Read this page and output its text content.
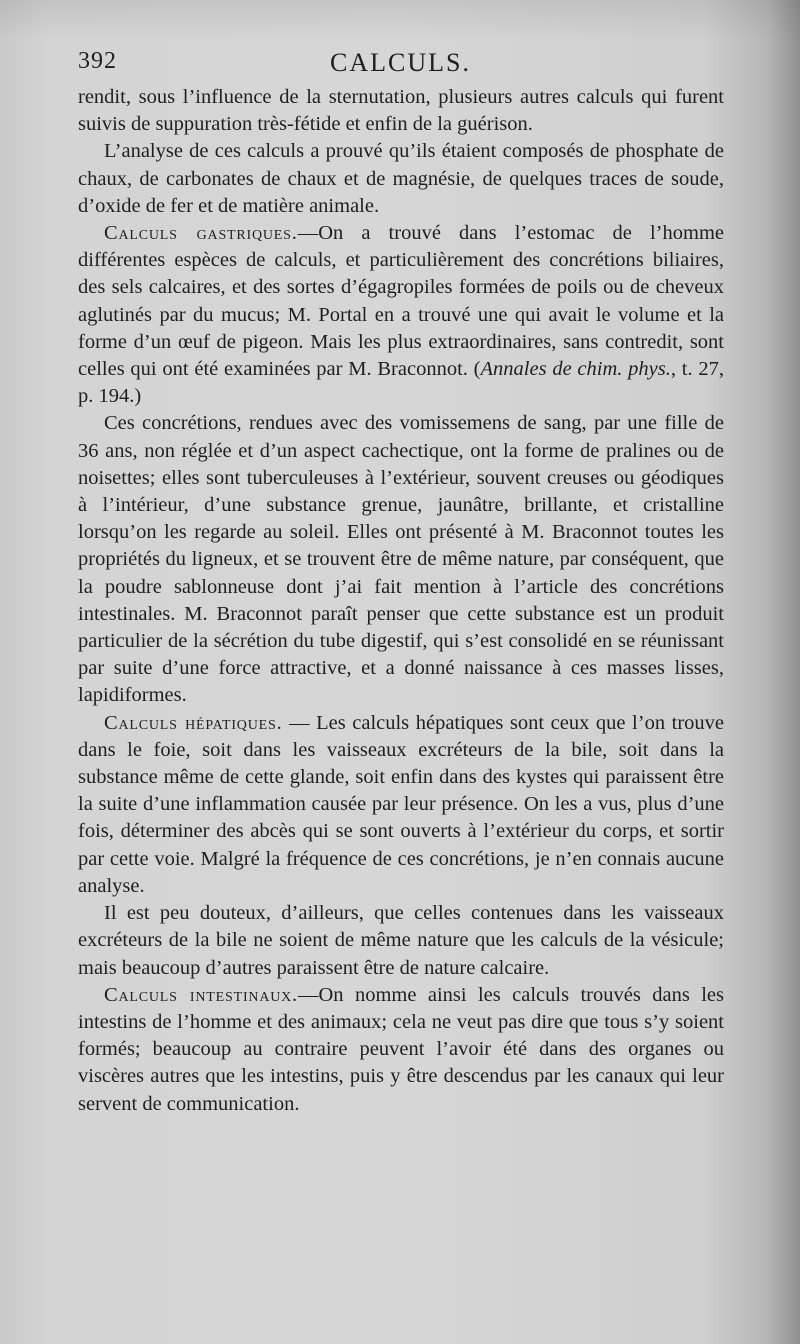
392	CALCULS.

rendit, sous l’influence de la sternutation, plusieurs autres calculs qui furent suivis de suppuration très-fétide et enfin de la guérison.

L’analyse de ces calculs a prouvé qu’ils étaient composés de phosphate de chaux, de carbonates de chaux et de magnésie, de quelques traces de soude, d’oxide de fer et de matière animale.

Calculs gastriques.—On a trouvé dans l’estomac de l’homme différentes espèces de calculs, et particulièrement des concrétions biliaires, des sels calcaires, et des sortes d’égagropiles formées de poils ou de cheveux aglutinés par du mucus; M. Portal en a trouvé une qui avait le volume et la forme d’un œuf de pigeon. Mais les plus extraordinaires, sans contredit, sont celles qui ont été examinées par M. Braconnot. (Annales de chim. phys., t. 27, p. 194.)

Ces concrétions, rendues avec des vomissemens de sang, par une fille de 36 ans, non réglée et d’un aspect cachectique, ont la forme de pralines ou de noisettes; elles sont tuberculeuses à l’extérieur, souvent creuses ou géodiques à l’intérieur, d’une substance grenue, jaunâtre, brillante, et cristalline lorsqu’on les regarde au soleil. Elles ont présenté à M. Braconnot toutes les propriétés du ligneux, et se trouvent être de même nature, par conséquent, que la poudre sablonneuse dont j’ai fait mention à l’article des concrétions intestinales. M. Braconnot paraît penser que cette substance est un produit particulier de la sécrétion du tube digestif, qui s’est consolidé en se réunissant par suite d’une force attractive, et a donné naissance à ces masses lisses, lapidiformes.

Calculs hépatiques. — Les calculs hépatiques sont ceux que l’on trouve dans le foie, soit dans les vaisseaux excréteurs de la bile, soit dans la substance même de cette glande, soit enfin dans des kystes qui paraissent être la suite d’une inflammation causée par leur présence. On les a vus, plus d’une fois, déterminer des abcès qui se sont ouverts à l’extérieur du corps, et sortir par cette voie. Malgré la fréquence de ces concrétions, je n’en connais aucune analyse.

Il est peu douteux, d’ailleurs, que celles contenues dans les vaisseaux excréteurs de la bile ne soient de même nature que les calculs de la vésicule; mais beaucoup d’autres paraissent être de nature calcaire.

Calculs intestinaux.—On nomme ainsi les calculs trouvés dans les intestins de l’homme et des animaux; cela ne veut pas dire que tous s’y soient formés; beaucoup au contraire peuvent l’avoir été dans des organes ou viscères autres que les intestins, puis y être descendus par les canaux qui leur servent de communication.
